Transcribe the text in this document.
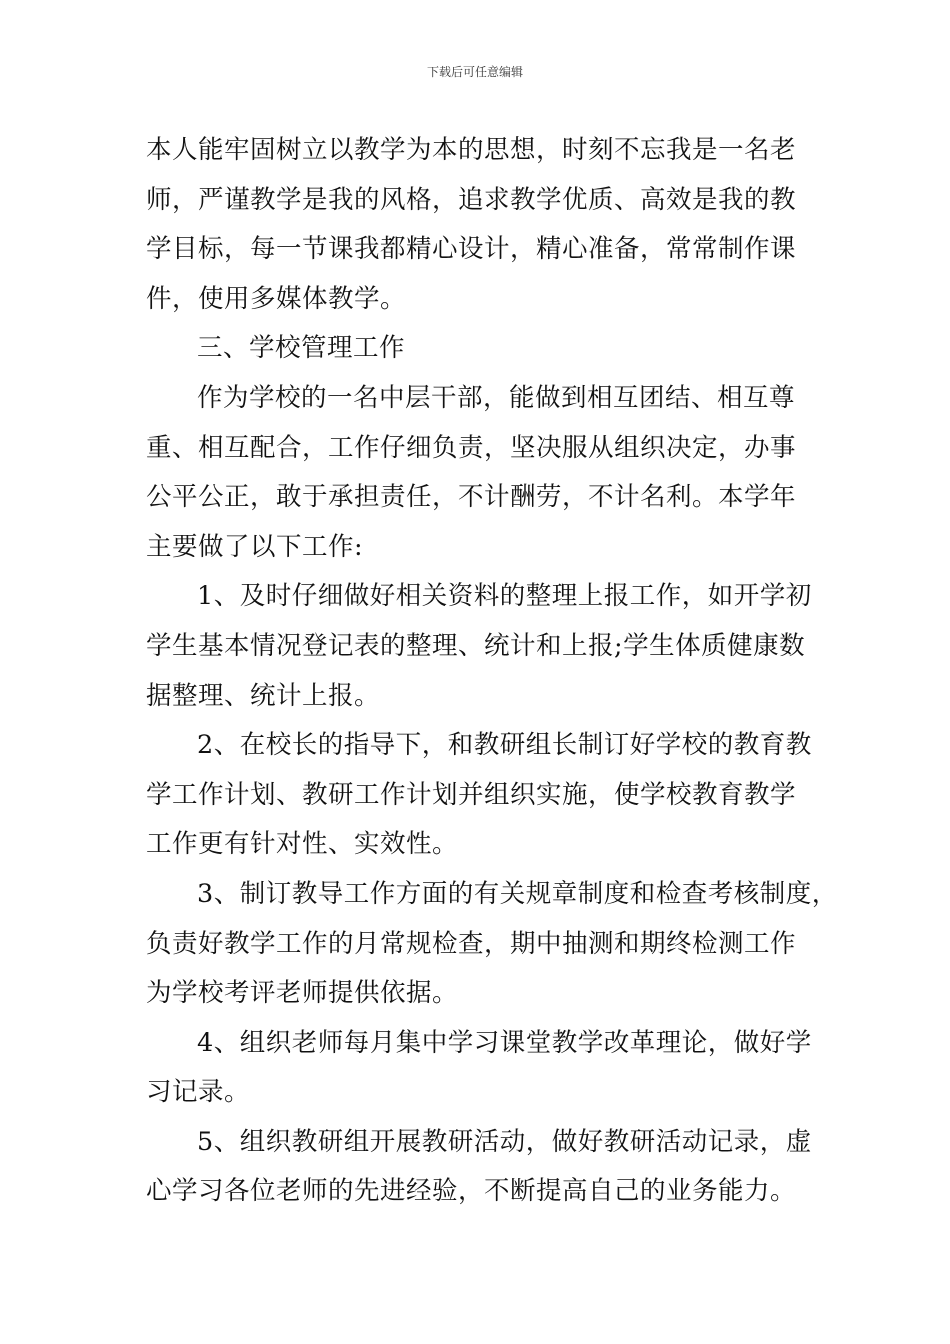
下载后可任意编辑
本人能牢固树立以教学为本的思想，时刻不忘我是一名老
师，严谨教学是我的风格，追求教学优质、高效是我的教
学目标，每一节课我都精心设计，精心准备，常常制作课
件，使用多媒体教学。
三、学校管理工作
作为学校的一名中层干部，能做到相互团结、相互尊
重、相互配合，工作仔细负责，坚决服从组织决定，办事
公平公正，敢于承担责任，不计酬劳，不计名利。本学年
主要做了以下工作:
1、及时仔细做好相关资料的整理上报工作，如开学初
学生基本情况登记表的整理、统计和上报;学生体质健康数
据整理、统计上报。
2、在校长的指导下，和教研组长制订好学校的教育教
学工作计划、教研工作计划并组织实施，使学校教育教学
工作更有针对性、实效性。
3、制订教导工作方面的有关规章制度和检查考核制度，
负责好教学工作的月常规检查，期中抽测和期终检测工作
为学校考评老师提供依据。
4、组织老师每月集中学习课堂教学改革理论，做好学
习记录。
5、组织教研组开展教研活动，做好教研活动记录，虚
心学习各位老师的先进经验，不断提高自己的业务能力。
